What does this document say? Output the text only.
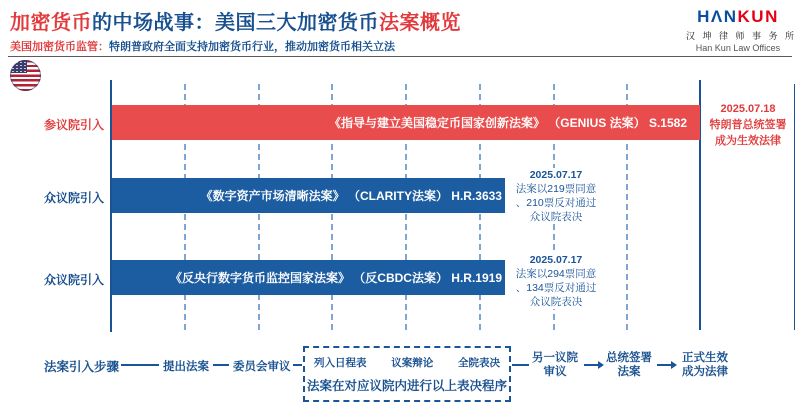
加密货币的中场战事：美国三大加密货币法案概览
美国加密货币监管：特朗普政府全面支持加密货币行业，推动加密货币相关立法
HΛNKUN
汉 坤 律 师 事 务 所
Han Kun Law Offices
参议院引入
众议院引入
众议院引入
《指导与建立美国稳定币国家创新法案》 （GENIUS 法案） S.1582
《数字资产市场清晰法案》 （CLARITY法案） H.R.3633
《反央行数字货币监控国家法案》 （反CBDC法案） H.R.1919
2025.07.18
特朗普总统签署
成为生效法律
2025.07.17
法案以219票同意
、210票反对通过
众议院表决
2025.07.17
法案以294票同意
、134票反对通过
众议院表决
法案引入步骤	提出法案 委员会审议 列入日程表 议案辩论 全院表决
法案在对应议院内进行以上表决程序
另一议院
审议
总统签署
法案
正式生效
成为法律
